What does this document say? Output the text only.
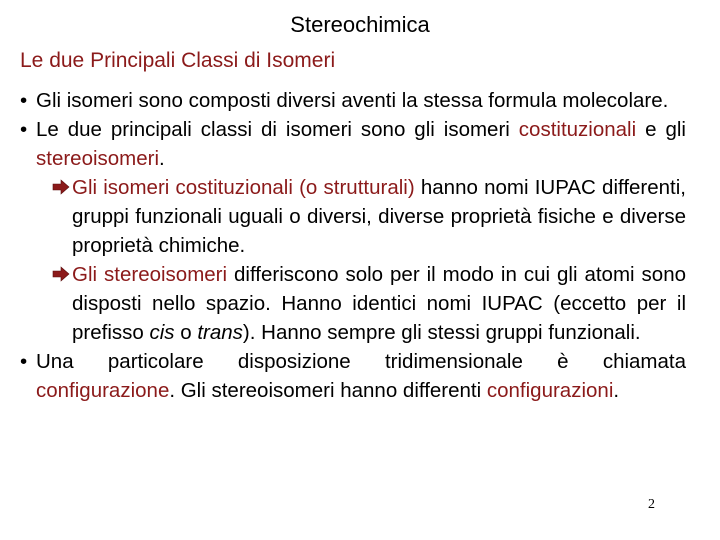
Stereochimica
Le due Principali Classi di Isomeri

• Gli isomeri sono composti diversi aventi la stessa formula molecolare.

• Le due principali classi di isomeri sono gli isomeri costituzionali e gli stereoisomeri.

Gli isomeri costituzionali (o strutturali) hanno nomi IUPAC differenti, gruppi funzionali uguali o diversi, diverse proprietà fisiche e diverse proprietà chimiche.

Gli stereoisomeri differiscono solo per il modo in cui gli atomi sono disposti nello spazio. Hanno identici nomi IUPAC (eccetto per il prefisso cis o trans). Hanno sempre gli stessi gruppi funzionali.

• Una particolare disposizione tridimensionale è chiamata configurazione. Gli stereoisomeri hanno differenti configurazioni.

2
